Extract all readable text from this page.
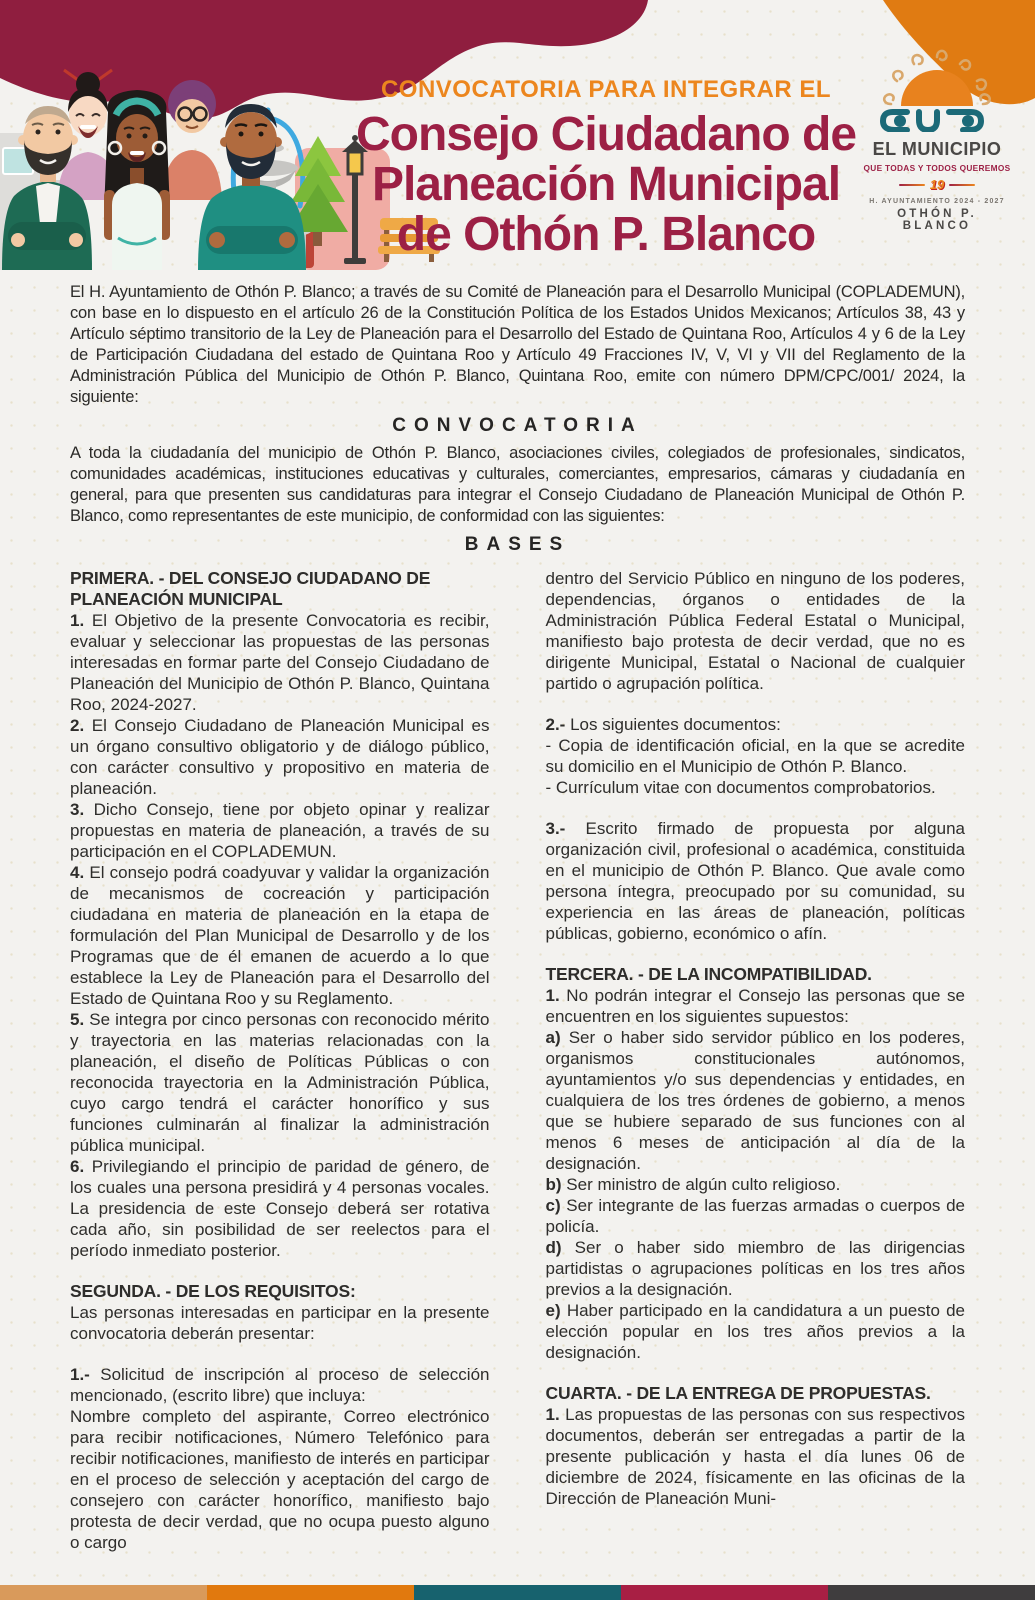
CONVOCATORIA PARA INTEGRAR EL
Consejo Ciudadano de
Planeación Municipal
de Othón P. Blanco
EL MUNICIPIO
QUE TODAS Y TODOS QUEREMOS
19
H. AYUNTAMIENTO 2024 - 2027
OTHÓN P. BLANCO

El H. Ayuntamiento de Othón P. Blanco; a través de su Comité de Planeación para el Desarrollo Municipal (COPLADEMUN), con base en lo dispuesto en el artículo 26 de la Constitución Política de los Estados Unidos Mexicanos; Artículos 38, 43 y Artículo séptimo transitorio de la Ley de Planeación para el Desarrollo del Estado de Quintana Roo, Artículos 4 y 6 de la Ley de Participación Ciudadana del estado de Quintana Roo y Artículo 49 Fracciones IV, V, VI y VII del Reglamento de la Administración Pública del Municipio de Othón P. Blanco, Quintana Roo, emite con número DPM/CPC/001/ 2024, la siguiente:

CONVOCATORIA

A toda la ciudadanía del municipio de Othón P. Blanco, asociaciones civiles, colegiados de profesionales, sindicatos, comunidades académicas, instituciones educativas y culturales, comerciantes, empresarios, cámaras y ciudadanía en general, para que presenten sus candidaturas para integrar el Consejo Ciudadano de Planeación Municipal de Othón P. Blanco, como representantes de este municipio, de conformidad con las siguientes:

BASES

PRIMERA. - DEL CONSEJO CIUDADANO DE PLANEACIÓN MUNICIPAL

1. El Objetivo de la presente Convocatoria es recibir, evaluar y seleccionar las propuestas de las personas interesadas en formar parte del Consejo Ciudadano de Planeación del Municipio de Othón P. Blanco, Quintana Roo, 2024-2027.

2. El Consejo Ciudadano de Planeación Municipal es un órgano consultivo obligatorio y de diálogo público, con carácter consultivo y propositivo en materia de planeación.

3. Dicho Consejo, tiene por objeto opinar y realizar propuestas en materia de planeación, a través de su participación en el COPLADEMUN.

4. El consejo podrá coadyuvar y validar la organización de mecanismos de cocreación y participación ciudadana en materia de planeación en la etapa de formulación del Plan Municipal de Desarrollo y de los Programas que de él emanen de acuerdo a lo que establece la Ley de Planeación para el Desarrollo del Estado de Quintana Roo y su Reglamento.

5. Se integra por cinco personas con reconocido mérito y trayectoria en las materias relacionadas con la planeación, el diseño de Políticas Públicas o con reconocida trayectoria en la Administración Pública, cuyo cargo tendrá el carácter honorífico y sus funciones culminarán al finalizar la administración pública municipal.

6. Privilegiando el principio de paridad de género, de los cuales una persona presidirá y 4 personas vocales. La presidencia de este Consejo deberá ser rotativa cada año, sin posibilidad de ser reelectos para el período inmediato posterior.

SEGUNDA. - DE LOS REQUISITOS:

Las personas interesadas en participar en la presente convocatoria deberán presentar:

1.- Solicitud de inscripción al proceso de selección mencionado, (escrito libre) que incluya:

Nombre completo del aspirante, Correo electrónico para recibir notificaciones, Número Telefónico para recibir notificaciones, manifiesto de interés en participar en el proceso de selección y aceptación del cargo de consejero con carácter honorífico, manifiesto bajo protesta de decir verdad, que no ocupa puesto alguno o cargo

dentro del Servicio Público en ninguno de los poderes, dependencias, órganos o entidades de la Administración Pública Federal Estatal o Municipal, manifiesto bajo protesta de decir verdad, que no es dirigente Municipal, Estatal o Nacional de cualquier partido o agrupación política.

2.- Los siguientes documentos:

- Copia de identificación oficial, en la que se acredite su domicilio en el Municipio de Othón P. Blanco.

- Currículum vitae con documentos comprobatorios.

3.- Escrito firmado de propuesta por alguna organización civil, profesional o académica, constituida en el municipio de Othón P. Blanco. Que avale como persona íntegra, preocupado por su comunidad, su experiencia en las áreas de planeación, políticas públicas, gobierno, económico o afín.

TERCERA. - DE LA INCOMPATIBILIDAD.

1. No podrán integrar el Consejo las personas que se encuentren en los siguientes supuestos:

a) Ser o haber sido servidor público en los poderes, organismos constitucionales autónomos, ayuntamientos y/o sus dependencias y entidades, en cualquiera de los tres órdenes de gobierno, a menos que se hubiere separado de sus funciones con al menos 6 meses de anticipación al día de la designación.

b) Ser ministro de algún culto religioso.

c) Ser integrante de las fuerzas armadas o cuerpos de policía.

d) Ser o haber sido miembro de las dirigencias partidistas o agrupaciones políticas en los tres años previos a la designación.

e) Haber participado en la candidatura a un puesto de elección popular en los tres años previos a la designación.

CUARTA. - DE LA ENTREGA DE PROPUESTAS.

1. Las propuestas de las personas con sus respectivos documentos, deberán ser entregadas a partir de la presente publicación y hasta el día lunes 06 de diciembre de 2024, físicamente en las oficinas de la Dirección de Planeación Muni-
